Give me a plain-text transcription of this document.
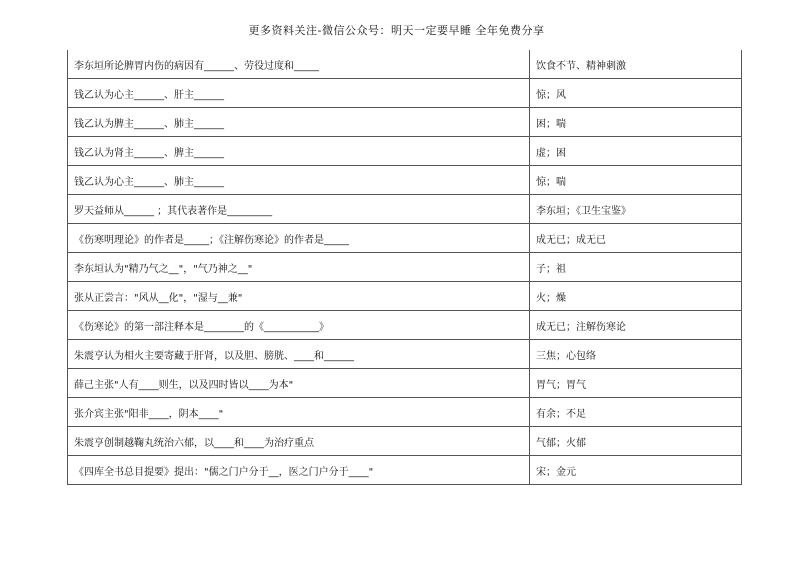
更多资料关注-微信公众号：明天一定要早睡 全年免费分享
李东垣所论脾胃内伤的病因有______、劳役过度和_____	饮食不节、精神刺激
钱乙认为心主______、肝主______	惊；风
钱乙认为脾主______、肺主______	困；喘
钱乙认为肾主______、脾主______	虚；困
钱乙认为心主______、肺主______	惊；喘
罗天益师从______ ；其代表著作是_________	李东垣；《卫生宝鉴》
《伤寒明理论》的作者是_____；《注解伤寒论》的作者是_____	成无已；成无已
李东垣认为"精乃气之__"，"气乃神之__"	子；祖
张从正尝言："风从__化"，"湿与__兼"	火；燥
《伤寒论》的第一部注释本是________的《___________》	成无已；注解伤寒论
朱震亨认为相火主要寄藏于肝肾，以及胆、膀胱、____和______	三焦；心包络
薛己主张"人有____则生，以及四时皆以____为本"	胃气；胃气
张介宾主张"阳非____，阴本____"	有余；不足
朱震亨创制越鞠丸统治六郁，以____和____为治疗重点	气郁；火郁
《四库全书总目提要》提出："儒之门户分于__，医之门户分于____"	宋；金元
